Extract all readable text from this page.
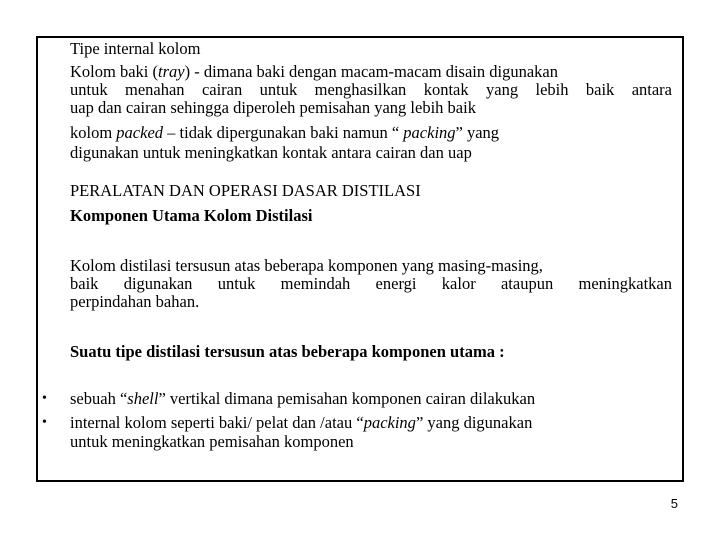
Tipe internal kolom
Kolom baki (tray) - dimana baki dengan macam-macam disain digunakan
untuk menahan cairan untuk menghasilkan kontak yang lebih baik antara
uap dan cairan sehingga diperoleh pemisahan yang lebih baik
kolom packed – tidak dipergunakan baki namun “ packing” yang
digunakan untuk meningkatkan kontak antara cairan dan uap
PERALATAN DAN OPERASI DASAR DISTILASI
Komponen Utama Kolom Distilasi
Kolom distilasi tersusun atas beberapa komponen yang masing-masing,
baik digunakan untuk memindah energi kalor ataupun meningkatkan
perpindahan bahan.
Suatu tipe distilasi tersusun atas beberapa komponen utama :
• sebuah “shell” vertikal dimana pemisahan komponen cairan dilakukan
• internal kolom seperti baki/ pelat dan /atau “packing” yang digunakan
untuk meningkatkan pemisahan komponen
5
